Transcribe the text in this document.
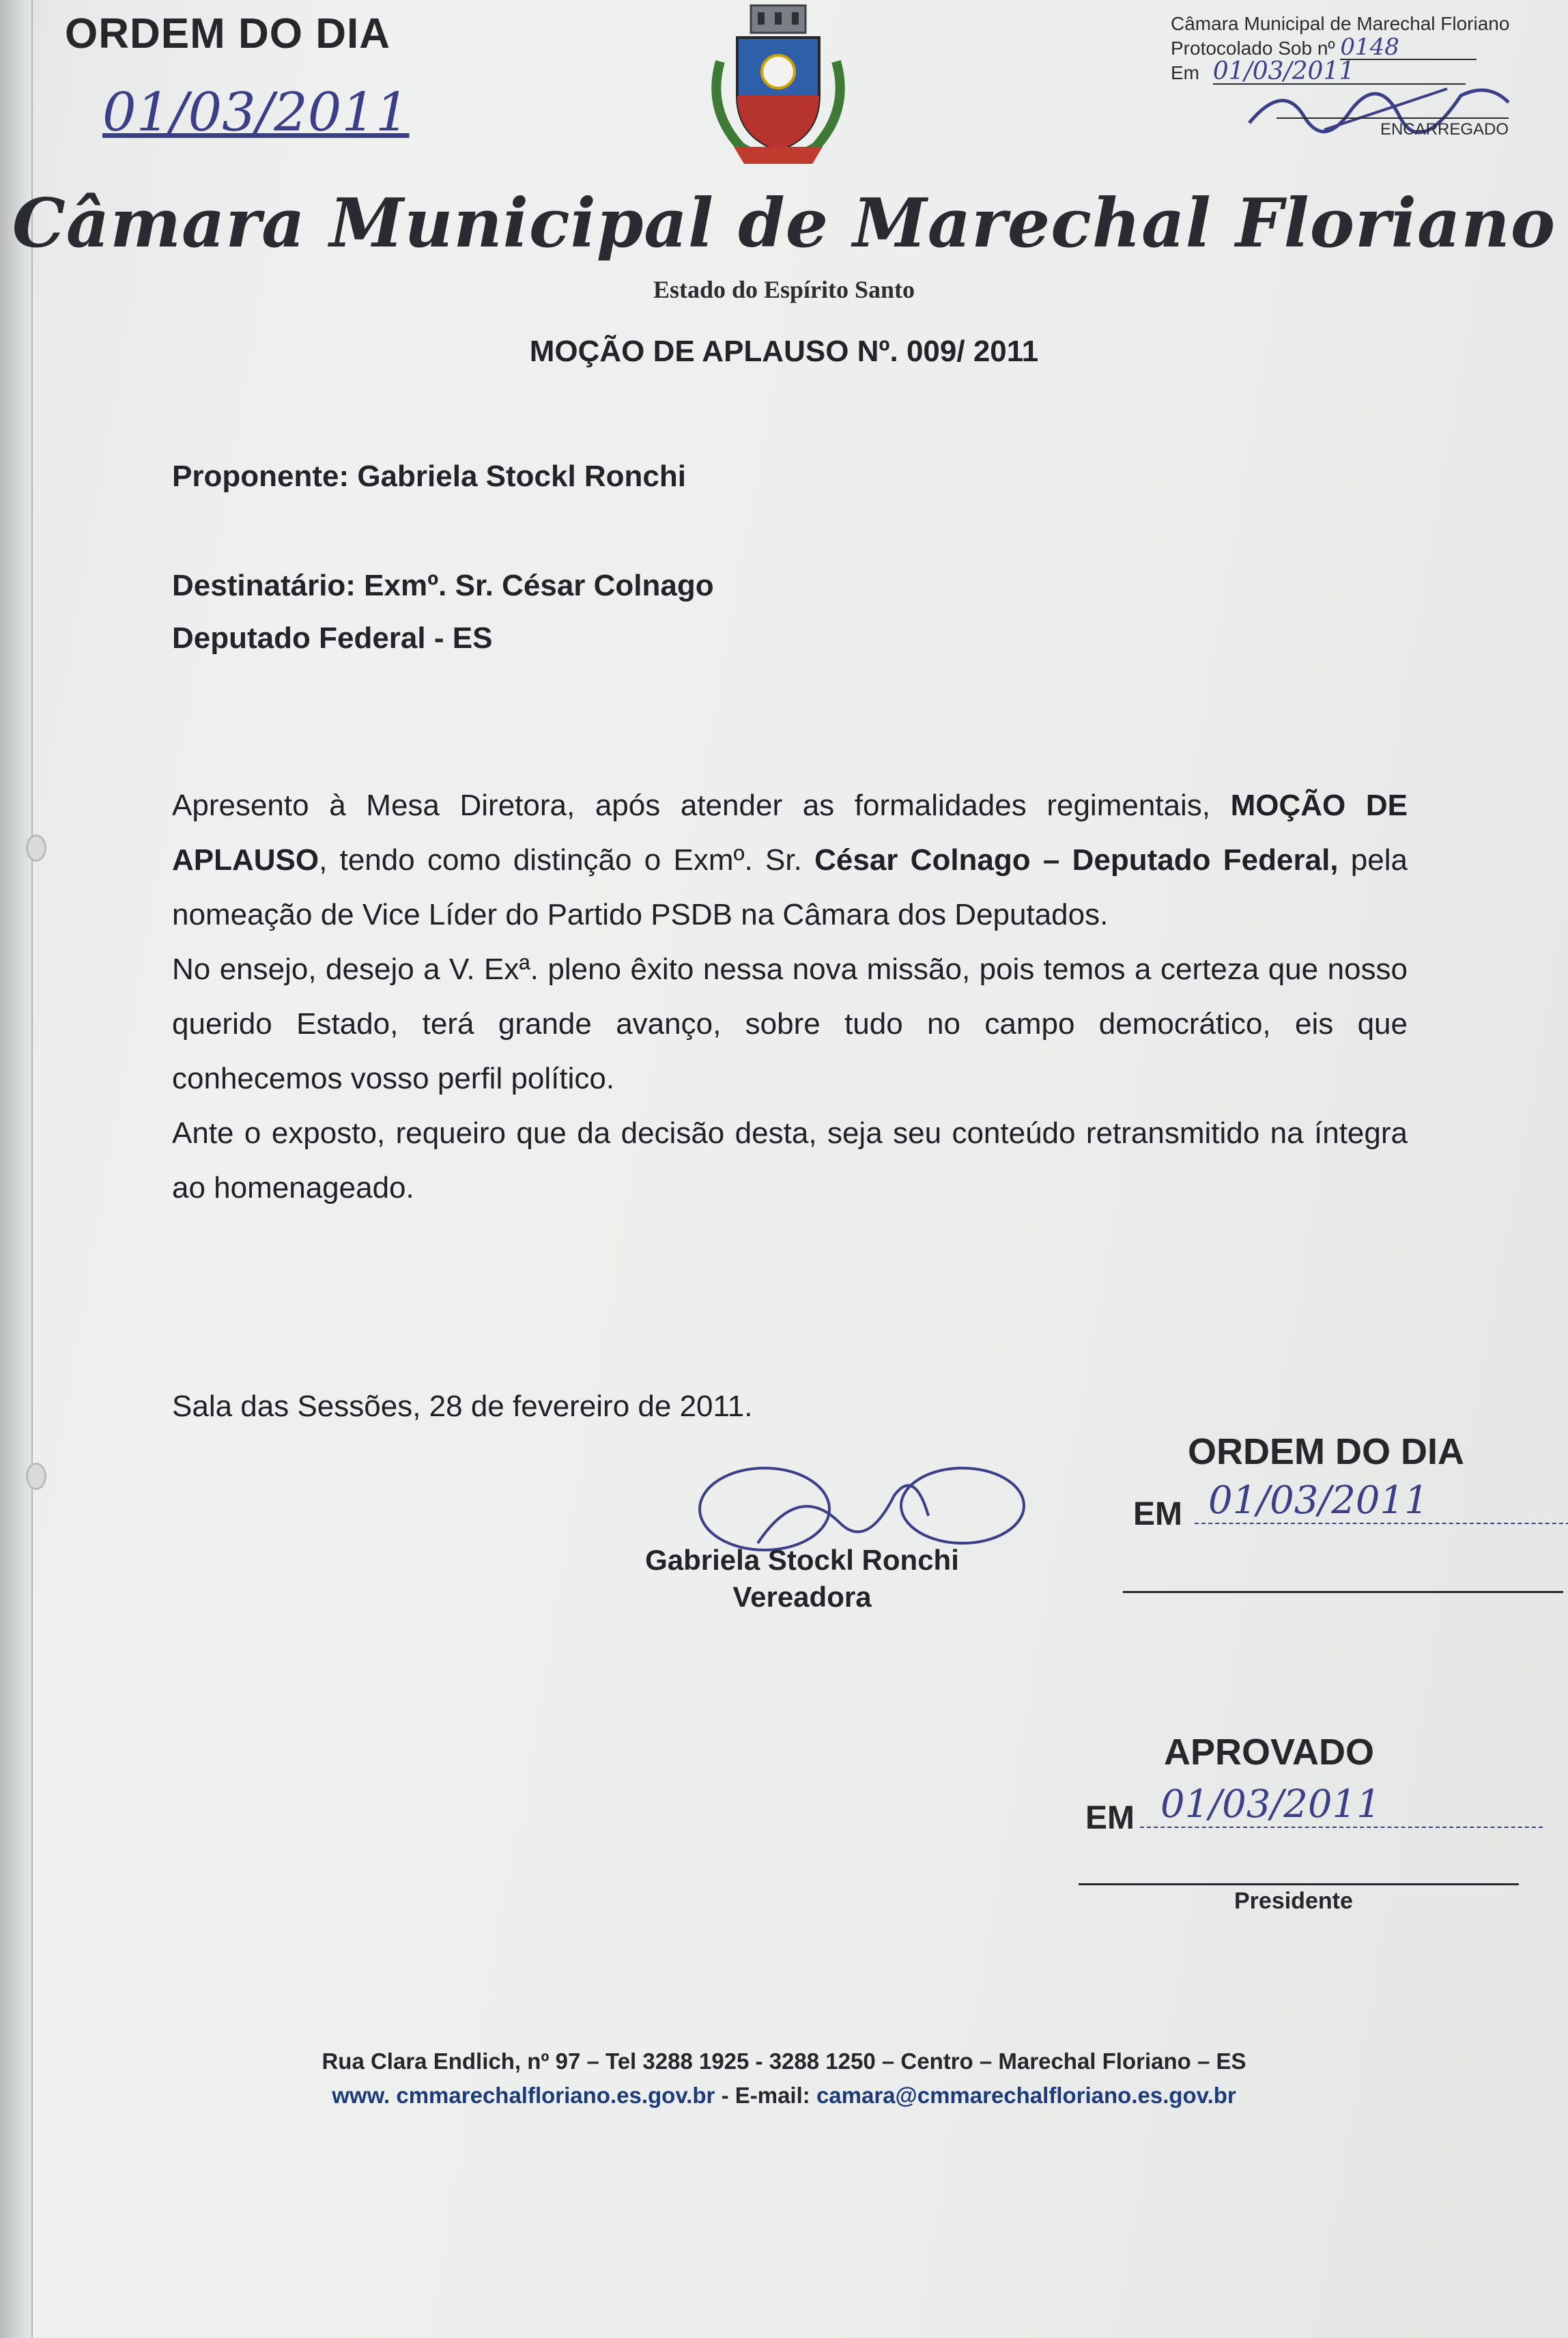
ORDEM DO DIA
01/03/2011
Câmara Municipal de Marechal Floriano
Estado do Espírito Santo
Câmara Municipal de Marechal Floriano
Protocolado Sob nº 0148
Em 01/03/2011
ENCARREGADO
MOÇÃO DE APLAUSO Nº. 009/ 2011
Proponente: Gabriela Stockl Ronchi
Destinatário: Exmº. Sr. César Colnago
Deputado Federal - ES

Apresento à Mesa Diretora, após atender as formalidades regimentais, MOÇÃO DE APLAUSO, tendo como distinção o Exmº. Sr. César Colnago – Deputado Federal, pela nomeação de Vice Líder do Partido PSDB na Câmara dos Deputados.

No ensejo, desejo a V. Exª. pleno êxito nessa nova missão, pois temos a certeza que nosso querido Estado, terá grande avanço, sobre tudo no campo democrático, eis que conhecemos vosso perfil político.

Ante o exposto, requeiro que da decisão desta, seja seu conteúdo retransmitido na íntegra ao homenageado.

Sala das Sessões, 28 de fevereiro de 2011.
Gabriela Stockl Ronchi
Vereadora
ORDEM DO DIA
EM 01/03/2011
APROVADO
EM 01/03/2011
Presidente
Rua Clara Endlich, nº 97 – Tel 3288 1925 - 3288 1250 – Centro – Marechal Floriano – ES
www. cmmarechalfloriano.es.gov.br - E-mail: camara@cmmarechalfloriano.es.gov.br
